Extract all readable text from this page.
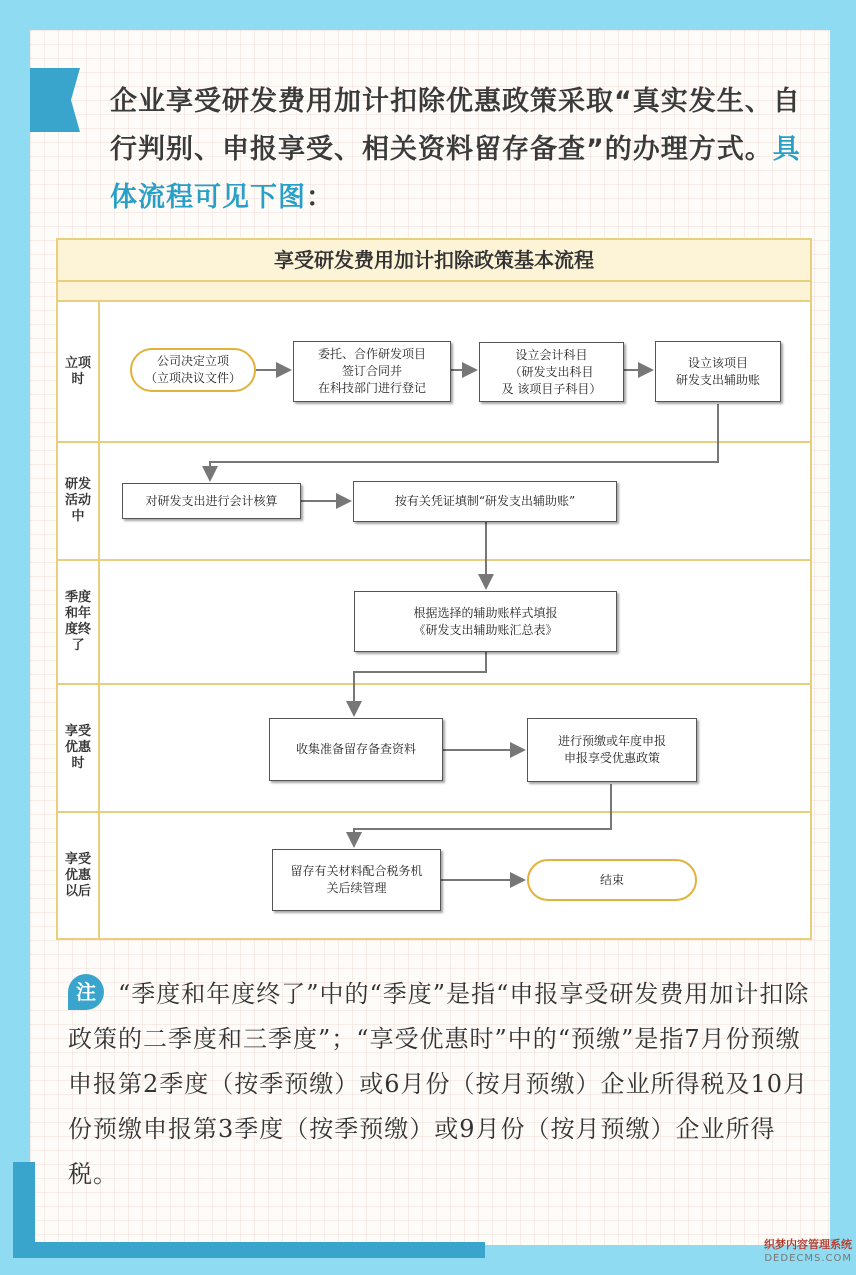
企业享受研发费用加计扣除优惠政策采取“真实发生、自行判别、申报享受、相关资料留存备查”的办理方式。具体流程可见下图：

享受研发费用加计扣除政策基本流程
立项时
研发活动中
季度和年度终了
享受优惠时
享受优惠以后
公司决定立项
（立项决议文件）
委托、合作研发项目
签订合同并
在科技部门进行登记
设立会计科目
（研发支出科目
及 该项目子科目）
设立该项目
研发支出辅助账
对研发支出进行会计核算	按有关凭证填制“研发支出辅助账”
根据选择的辅助账样式填报
《研发支出辅助账汇总表》
收集准备留存备查资料
进行预缴或年度申报
申报享受优惠政策
留存有关材料配合税务机
关后续管理
结束

注 “季度和年度终了”中的“季度”是指“申报享受研发费用加计扣除政策的二季度和三季度”；“享受优惠时”中的“预缴”是指7月份预缴申报第2季度（按季预缴）或6月份（按月预缴）企业所得税及10月份预缴申报第3季度（按季预缴）或9月份（按月预缴）企业所得税。

织梦内容管理系统
DEDECMS.COM
